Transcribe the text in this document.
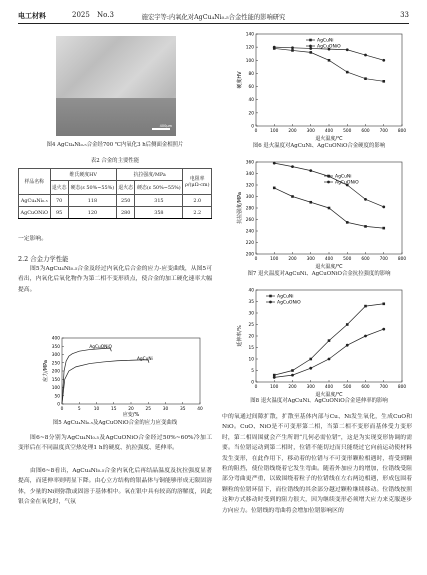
电工材料	2025 No.3	施宏宇等:内氧化对AgCu₄Ni₀.₅合金性能的影响研究	33
400μm
图4 AgCu₄Ni₀.₅合金经700 ℃内氧化3 h后侧面金相照片
表2 合金的主要性能
样品名称	维氏硬度HV		抗拉强度/MPa		电阻率
ρ/(μΩ·cm)
	退火态	硬态(ε 50%~55%)	退火态	硬态(ε 50%~55%)	
AgCu₄Ni₀.₅	70	118	250	315	2.0
AgCuONiO	95	120	280	358	2.2

一定影响。

2.2 合金力学性能

图5为AgCu₄Ni₀.₅合金及经过内氧化后合金的应力-应变曲线，从图5可看出，内氧化后氧化物作为第二相不变形质点，使合金的加工硬化速率大幅提高。

0	5	10	15	20	25	30	35	40
0
50
100
150
200
250
300
350
400
应变/%
应力/MPa
AgCuONiO
AgCuNi
图5 AgCu₄Ni₀.₅及AgCuONiO合金的应力应变曲线

图6~8分别为AgCu₄Ni₀.₅及AgCuONiO合金经过50%~60%冷加工变形后在不同温度真空热处理1 h的硬度、抗拉强度、延伸率。

由图6~8看出，AgCu₄Ni₀.₅合金内氧化后再结晶温度及抗拉强度显著提高，而延伸率则明显下降。由心立方结构的银晶体与铜能够形成无限固溶体，少量的Ni则弥散或固溶于基体相中。氧在银中具有较高的溶解度，因此银合金在氧化时，气氛

0	100 200 300 400 500 600 700 800
0
20
40
60
80
100
120
140
退火温度/℃
硬度HV
AgCuNi
AgCuONiO
图6 退火温度对AgCuNi、AgCuONiO合金硬度的影响
0	100 200 300 400 500 600 700 800
200
220
240
260
280
300
320
340
360
退火温度/℃
抗拉强度/MPa
AgCuNi
AgCuONiO
图7 退火温度对AgCuNi、AgCuONiO合金抗拉强度的影响
0	100 200 300 400 500 600 700 800
0
5
10
15
20
25
30
35
40
退火温度/℃
延伸率/%
AgCuNi
AgCuONiO
图8 退火温度对AgCuNi、AgCuONiO合金延伸率的影响

中的氧通过间隙扩散，扩散至基体内部与Cu、Ni发生氧化，生成CuO和NiO。CuO、NiO是不可变形第二相，当第二相不变形而基体受力变形时，第二相周围就会产生所谓“几何必需位错”，这是为实现变形协调的需要。当位错运动到第二相时，位错不能切过而只能绕过它向前运动使材料发生变形，在此作用下，移动着的位错与不可变形颗粒相遇时，将受到颗粒的阻挡，使位错线绕着它发生弯曲。随着外加应力的增加，位错线受阻部分弯曲更严重，以致围绕着粒子的位错线在左右两边相遇，形成包围着颗粒的位错环留下，而位错线的其余部分越过颗粒继续移动。位错线按照这种方式移动时受到的阻力很大，因为继续变形必须增大应力来克服逐步方向应力。位错线的弯曲将会增加位错影响区的
